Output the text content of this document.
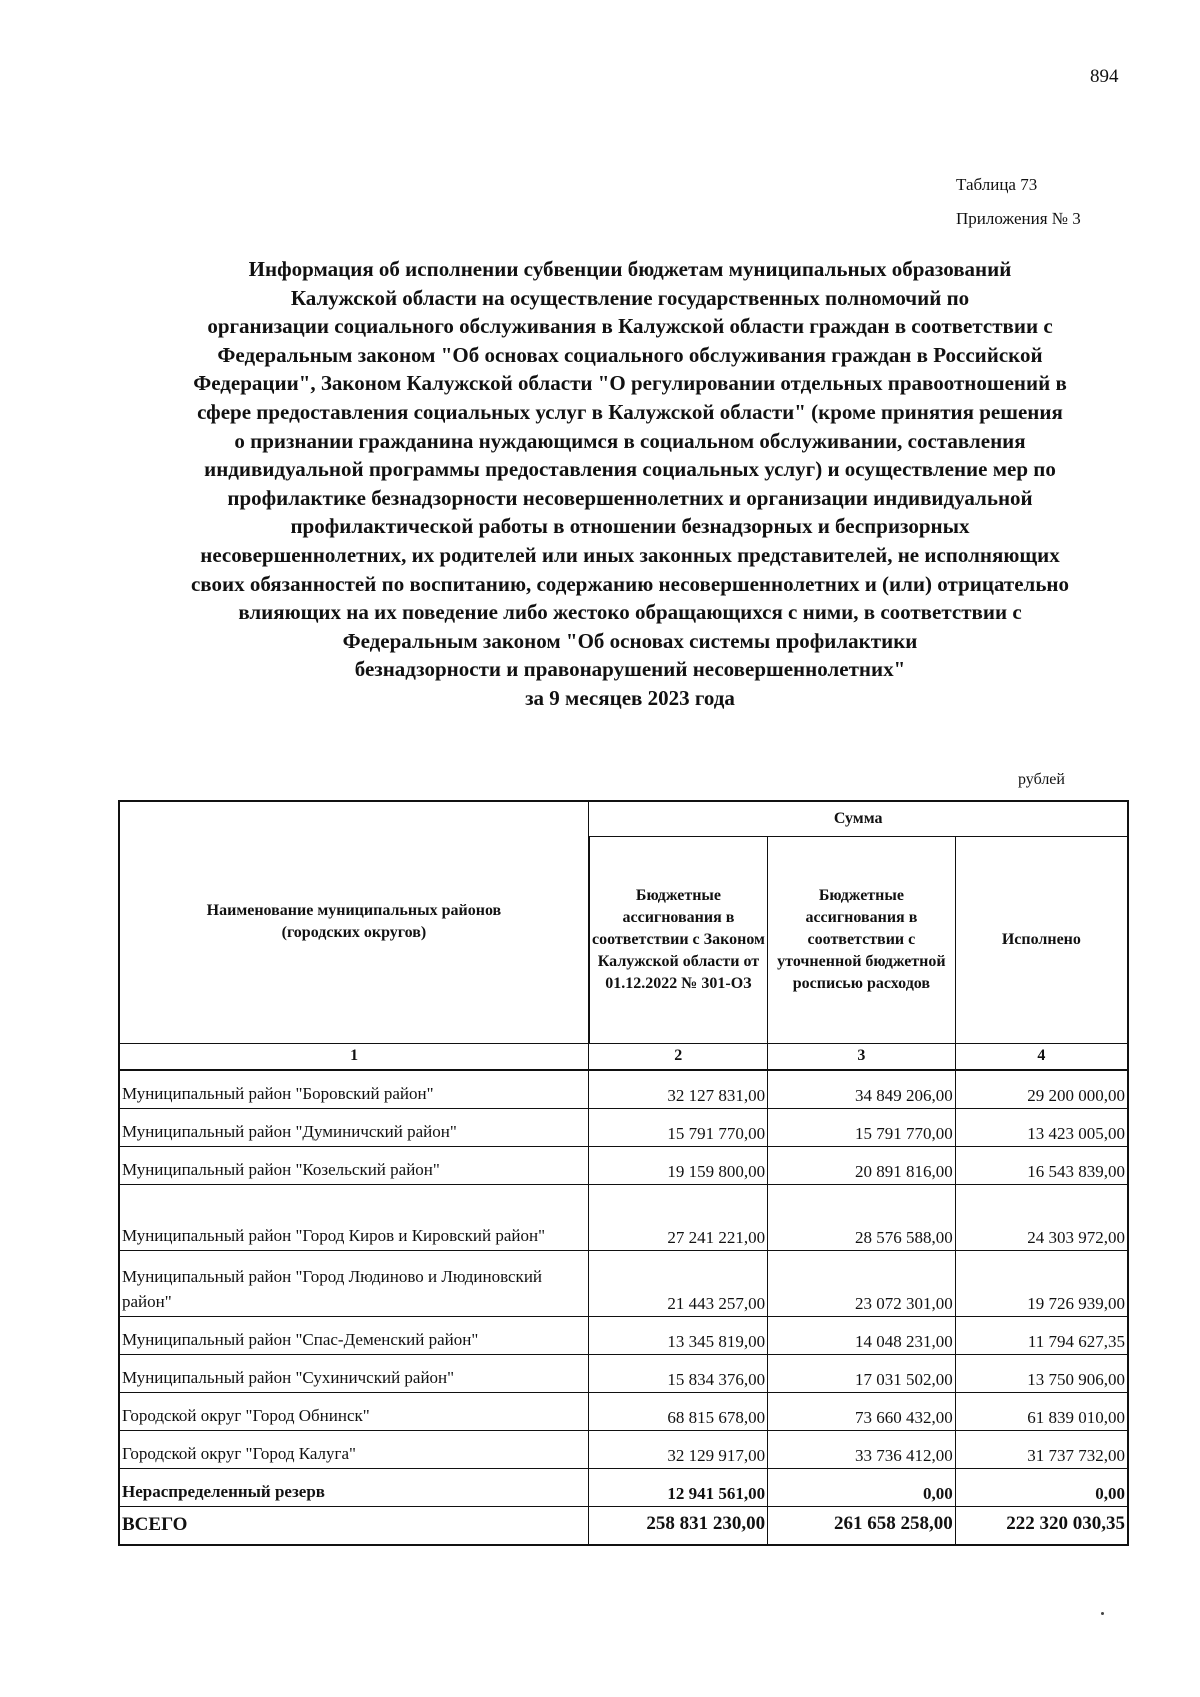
894
Таблица 73
Приложения № 3
Информация об исполнении субвенции бюджетам муниципальных образований
Калужской области на осуществление государственных полномочий по
организации социального обслуживания в Калужской области граждан в соответствии с
Федеральным законом "Об основах социального обслуживания граждан в Российской
Федерации", Законом Калужской области "О регулировании отдельных правоотношений в
сфере предоставления социальных услуг в Калужской области" (кроме принятия решения
о признании гражданина нуждающимся в социальном обслуживании, составления
индивидуальной программы предоставления социальных услуг) и осуществление мер по
профилактике безнадзорности несовершеннолетних и организации индивидуальной
профилактической работы в отношении безнадзорных и беспризорных
несовершеннолетних, их родителей или иных законных представителей, не исполняющих
своих обязанностей по воспитанию, содержанию несовершеннолетних и (или) отрицательно
влияющих на их поведение либо жестоко обращающихся с ними, в соответствии с
Федеральным законом "Об основах системы профилактики
безнадзорности и правонарушений несовершеннолетних"
за 9 месяцев 2023 года
рублей
Наименование муниципальных районов (городских округов)	Сумма		
	Бюджетные ассигнования в соответствии с Законом Калужской области от 01.12.2022 № 301-ОЗ	Бюджетные ассигнования в соответствии с уточненной бюджетной росписью расходов	Исполнено
1	2	3	4
Муниципальный район "Боровский район"	32 127 831,00	34 849 206,00	29 200 000,00
Муниципальный район "Думиничский район"	15 791 770,00	15 791 770,00	13 423 005,00
Муниципальный район "Козельский район"	19 159 800,00	20 891 816,00	16 543 839,00
Муниципальный район "Город Киров и Кировский район"	27 241 221,00	28 576 588,00	24 303 972,00
Муниципальный район "Город Людиново и Людиновский район"	21 443 257,00	23 072 301,00	19 726 939,00
Муниципальный район "Спас-Деменский район"	13 345 819,00	14 048 231,00	11 794 627,35
Муниципальный район "Сухиничский район"	15 834 376,00	17 031 502,00	13 750 906,00
Городской округ "Город Обнинск"	68 815 678,00	73 660 432,00	61 839 010,00
Городской округ "Город Калуга"	32 129 917,00	33 736 412,00	31 737 732,00
Нераспределенный резерв	12 941 561,00	0,00	0,00
ВСЕГО	258 831 230,00	261 658 258,00	222 320 030,35
